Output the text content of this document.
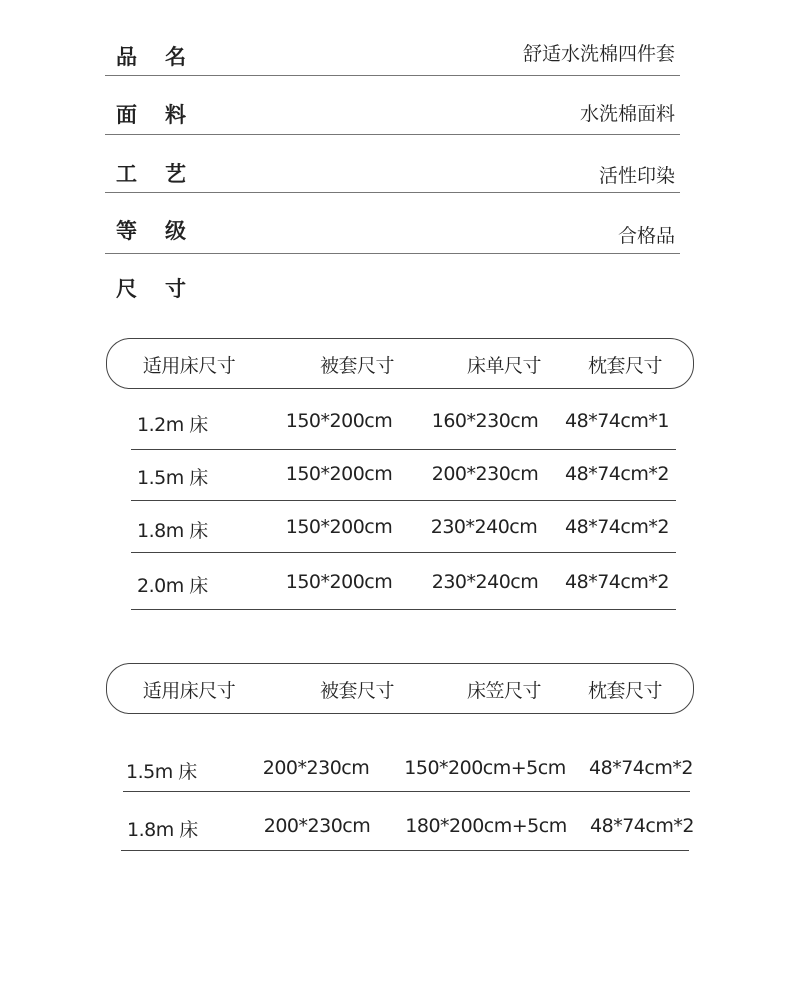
品名	舒适水洗棉四件套
面料	水洗棉面料
工艺	活性印染
等级	合格品
尺寸
适用床尺寸	被套尺寸	床单尺寸 枕套尺寸
1.2m 床	150*200cm 160*230cm 48*74cm*1
1.5m 床	150*200cm 200*230cm 48*74cm*2
1.8m 床	150*200cm 230*240cm 48*74cm*2
2.0m 床	150*200cm 230*240cm 48*74cm*2
适用床尺寸	被套尺寸	床笠尺寸 枕套尺寸
1.5m 床	200*230cm 150*200cm+5cm 48*74cm*2
1.8m 床	200*230cm 180*200cm+5cm 48*74cm*2
